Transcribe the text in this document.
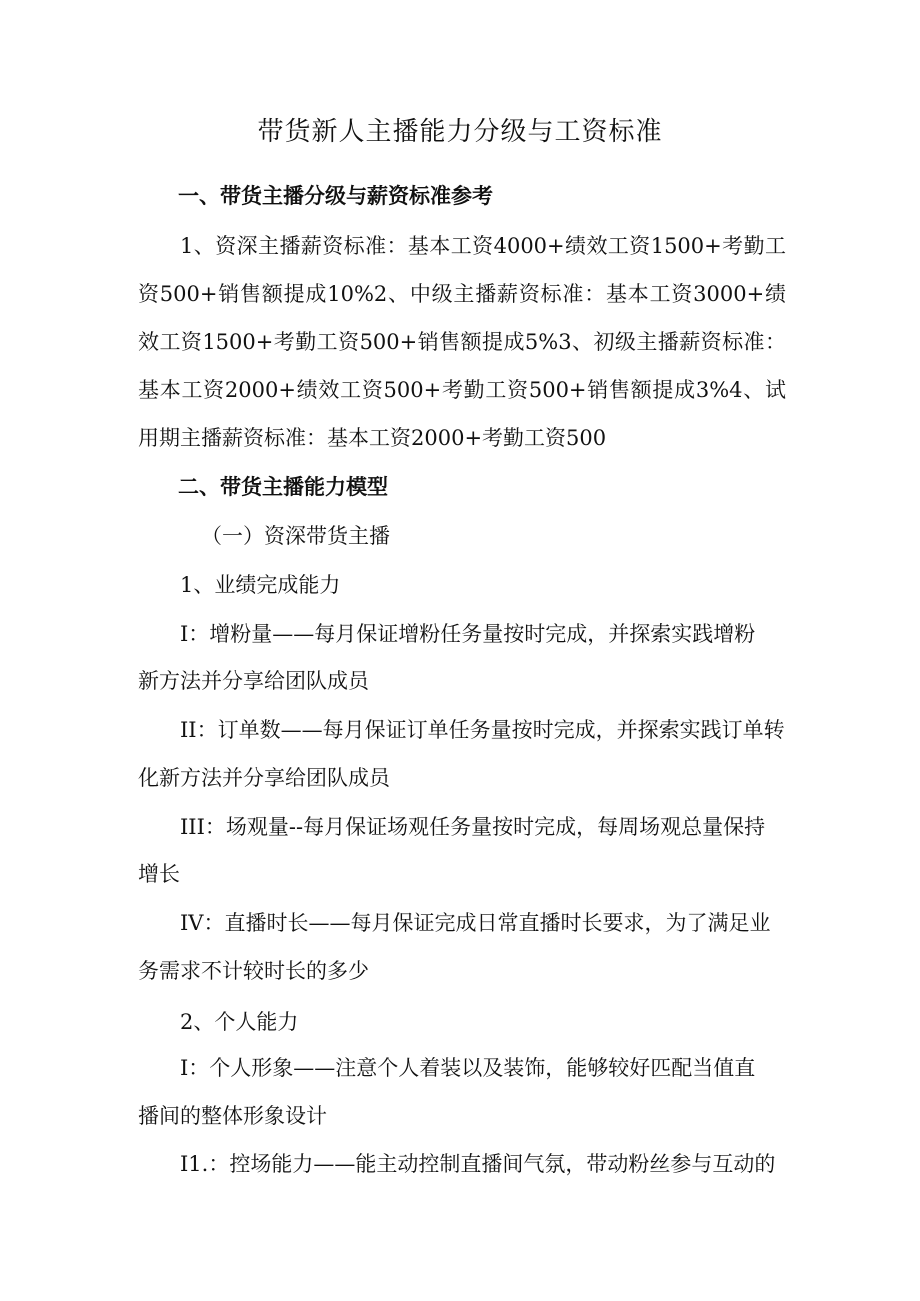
带货新人主播能力分级与工资标准
一、带货主播分级与薪资标准参考

1、资深主播薪资标准：基本工资4000+绩效工资1500+考勤工资500+销售额提成10%2、中级主播薪资标准：基本工资3000+绩效工资1500+考勤工资500+销售额提成5%3、初级主播薪资标准：基本工资2000+绩效工资500+考勤工资500+销售额提成3%4、试用期主播薪资标准：基本工资2000+考勤工资500

二、带货主播能力模型
（一）资深带货主播
1、业绩完成能力
I：增粉量——每月保证增粉任务量按时完成，并探索实践增粉
新方法并分享给团队成员
II：订单数——每月保证订单任务量按时完成，并探索实践订单转
化新方法并分享给团队成员
III：场观量--每月保证场观任务量按时完成，每周场观总量保持
增长
IV：直播时长——每月保证完成日常直播时长要求，为了满足业
务需求不计较时长的多少
2、个人能力
I：个人形象——注意个人着装以及装饰，能够较好匹配当值直
播间的整体形象设计
I1.：控场能力——能主动控制直播间气氛，带动粉丝参与互动的
